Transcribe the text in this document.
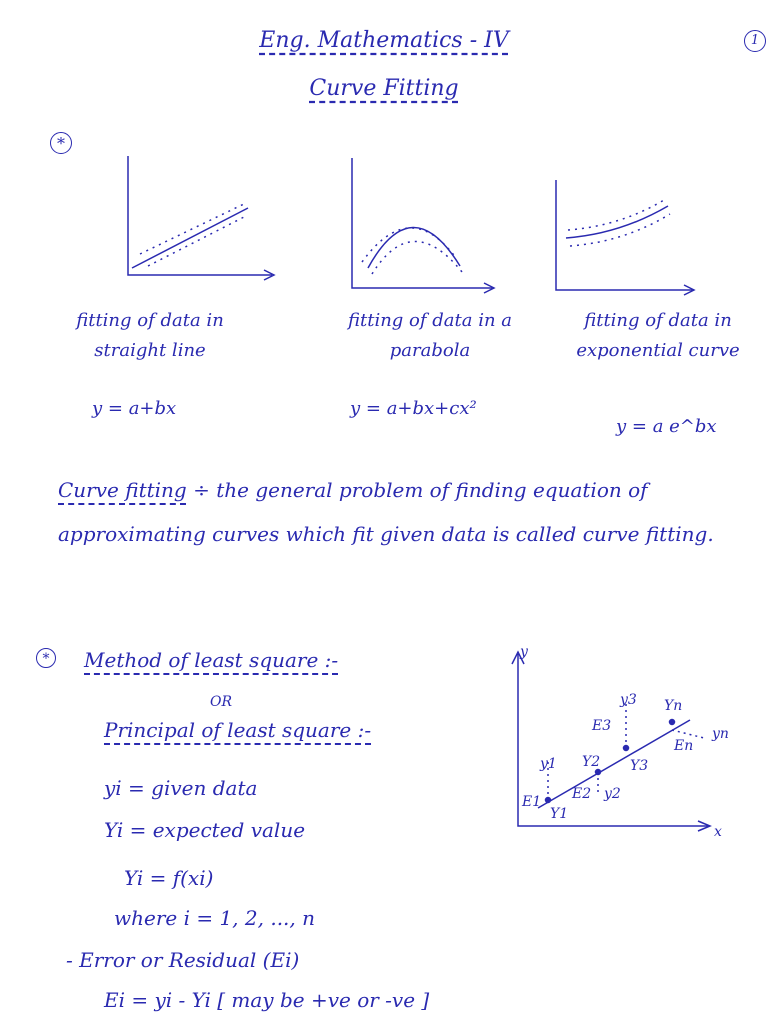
Eng. Mathematics - IV
Curve Fitting
1
*
fitting of data in straight line
fitting of data in a parabola
fitting of data in exponential curve
y = a+bx	y = a+bx+cx²
y = a e^bx
Curve fitting ÷ the general problem of finding equation of approximating curves which fit given data is called curve fitting.
*	Method of least square :-
OR
Principal of least square :-
yi = given data
Yi = expected value
Yi = f(xi)
where i = 1, 2, ..., n
- Error or Residual (Ei)
Ei = yi - Yi [ may be +ve or -ve ]
y
x
y1
Y1
E1	y2
Y2
E2
y3
Y3
E3	yn
Yn
En
